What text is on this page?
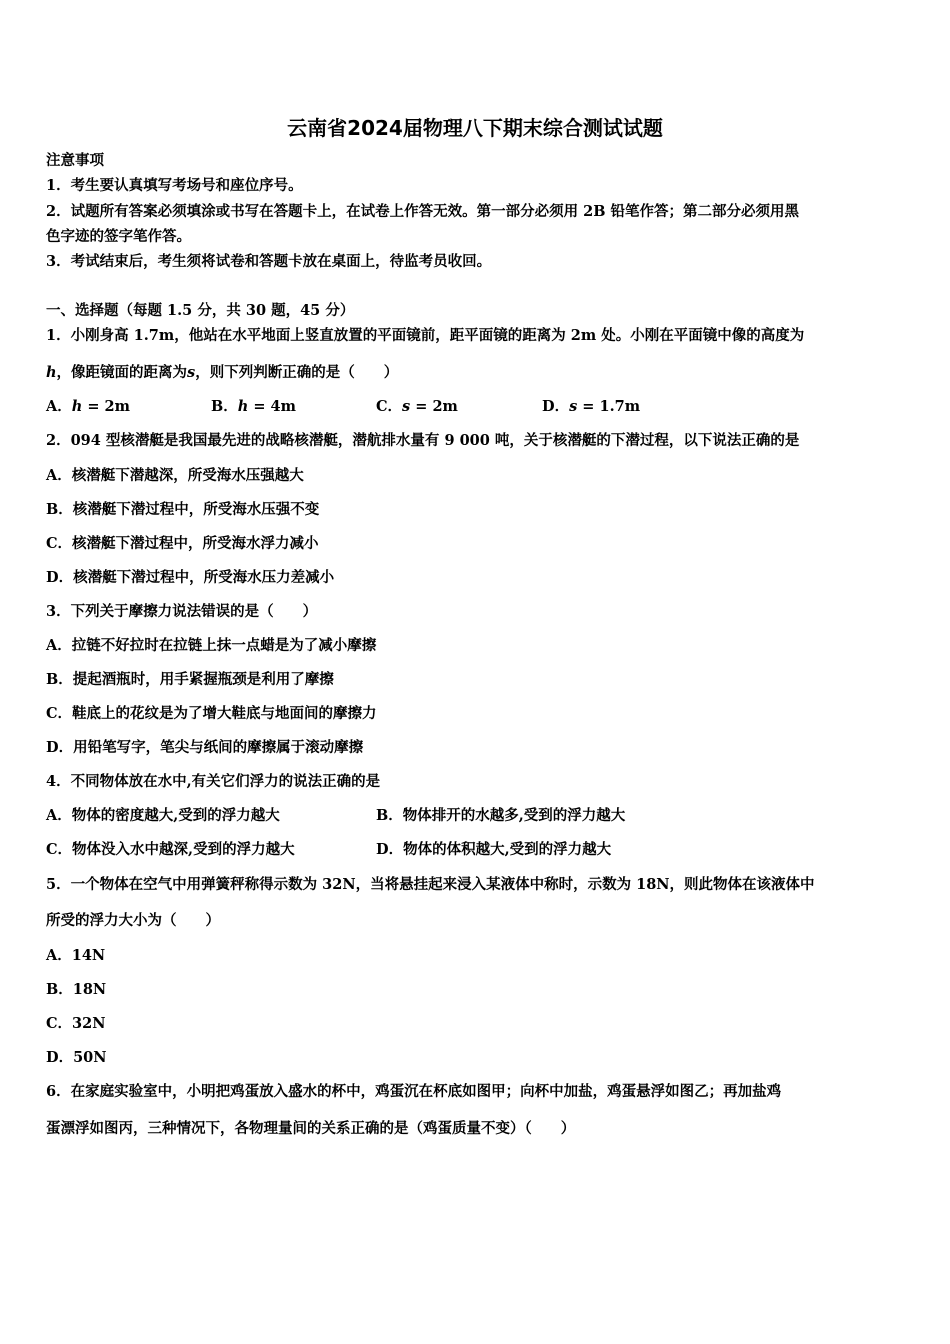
云南省2024届物理八下期末综合测试试题
注意事项
1．考生要认真填写考场号和座位序号。
2．试题所有答案必须填涂或书写在答题卡上，在试卷上作答无效。第一部分必须用 2B 铅笔作答；第二部分必须用黑
色字迹的签字笔作答。
3．考试结束后，考生须将试卷和答题卡放在桌面上，待监考员收回。
一、选择题（每题 1.5 分，共 30 题，45 分）
1．小刚身高 1.7m，他站在水平地面上竖直放置的平面镜前，距平面镜的距离为 2m 处。小刚在平面镜中像的高度为
h，像距镜面的距离为s，则下列判断正确的是（　　）
A．h = 2m	B．h = 4m	C．s = 2m	D．s = 1.7m
2．094 型核潜艇是我国最先进的战略核潜艇，潜航排水量有 9 000 吨，关于核潜艇的下潜过程，以下说法正确的是
A．核潜艇下潜越深，所受海水压强越大
B．核潜艇下潜过程中，所受海水压强不变
C．核潜艇下潜过程中，所受海水浮力减小
D．核潜艇下潜过程中，所受海水压力差减小
3．下列关于摩擦力说法错误的是（　　）
A．拉链不好拉时在拉链上抹一点蜡是为了减小摩擦
B．提起酒瓶时，用手紧握瓶颈是利用了摩擦
C．鞋底上的花纹是为了增大鞋底与地面间的摩擦力
D．用铅笔写字，笔尖与纸间的摩擦属于滚动摩擦
4．不同物体放在水中,有关它们浮力的说法正确的是
A．物体的密度越大,受到的浮力越大	B．物体排开的水越多,受到的浮力越大
C．物体没入水中越深,受到的浮力越大	D．物体的体积越大,受到的浮力越大
5．一个物体在空气中用弹簧秤称得示数为 32N，当将悬挂起来浸入某液体中称时，示数为 18N，则此物体在该液体中
所受的浮力大小为（　　）
A．14N
B．18N
C．32N
D．50N
6．在家庭实验室中，小明把鸡蛋放入盛水的杯中，鸡蛋沉在杯底如图甲；向杯中加盐，鸡蛋悬浮如图乙；再加盐鸡
蛋漂浮如图丙，三种情况下，各物理量间的关系正确的是（鸡蛋质量不变）（　　）
